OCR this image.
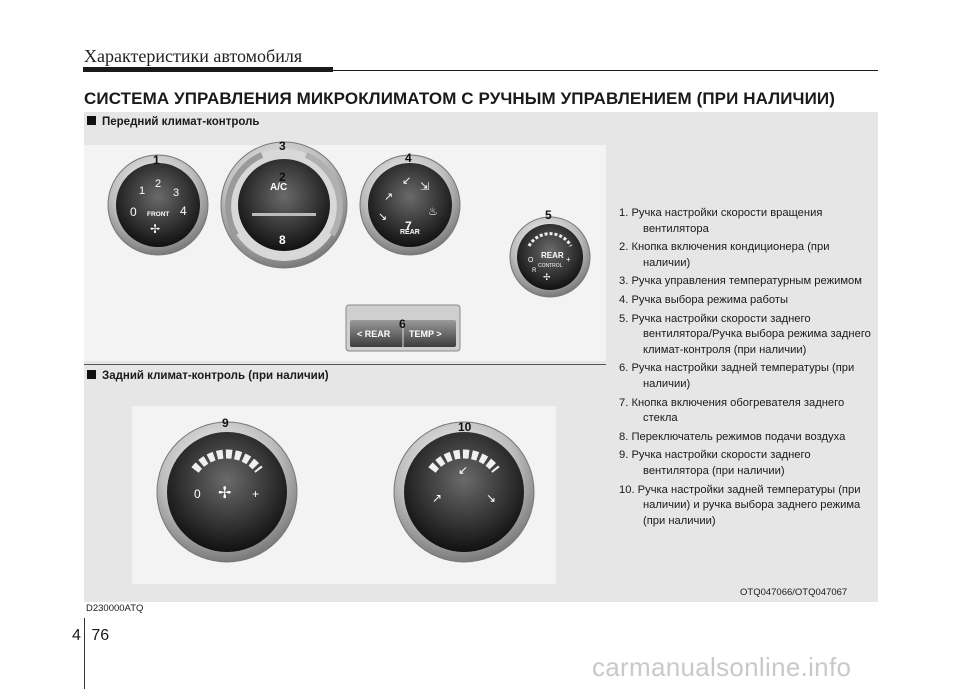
Характеристики автомобиля
СИСТЕМА УПРАВЛЕНИЯ МИКРОКЛИМАТОМ С РУЧНЫМ УПРАВЛЕНИЕМ (ПРИ НАЛИЧИИ)
Передний климат-контроль
Задний климат-контроль (при наличии)
0
1
2
3
4
FRONT
✢
A/C
↗
↙ ⇲
↘	♨
REAR
REAR
CONTROL
O	+
R
✢
< REAR TEMP >
0	+
✢	↗
↙
↘
1
2
3
4
5
6
7
8
9	10
1. Ручка настройки скорости вращения вентилятора
2. Кнопка включения кондиционера (при наличии)
3. Ручка управления температурным режимом
4. Ручка выбора режима работы
5. Ручка настройки скорости заднего вентилятора/Ручка выбора режима заднего климат-контроля (при наличии)
6. Ручка настройки задней температуры (при наличии)
7. Кнопка включения обогревателя заднего стекла
8. Переключатель режимов подачи воздуха
9. Ручка настройки скорости заднего вентилятора (при наличии)
10. Ручка настройки задней температуры (при наличии) и ручка выбора заднего режима (при наличии)
OTQ047066/OTQ047067
D230000ATQ
4 76
carmanualsonline.info
